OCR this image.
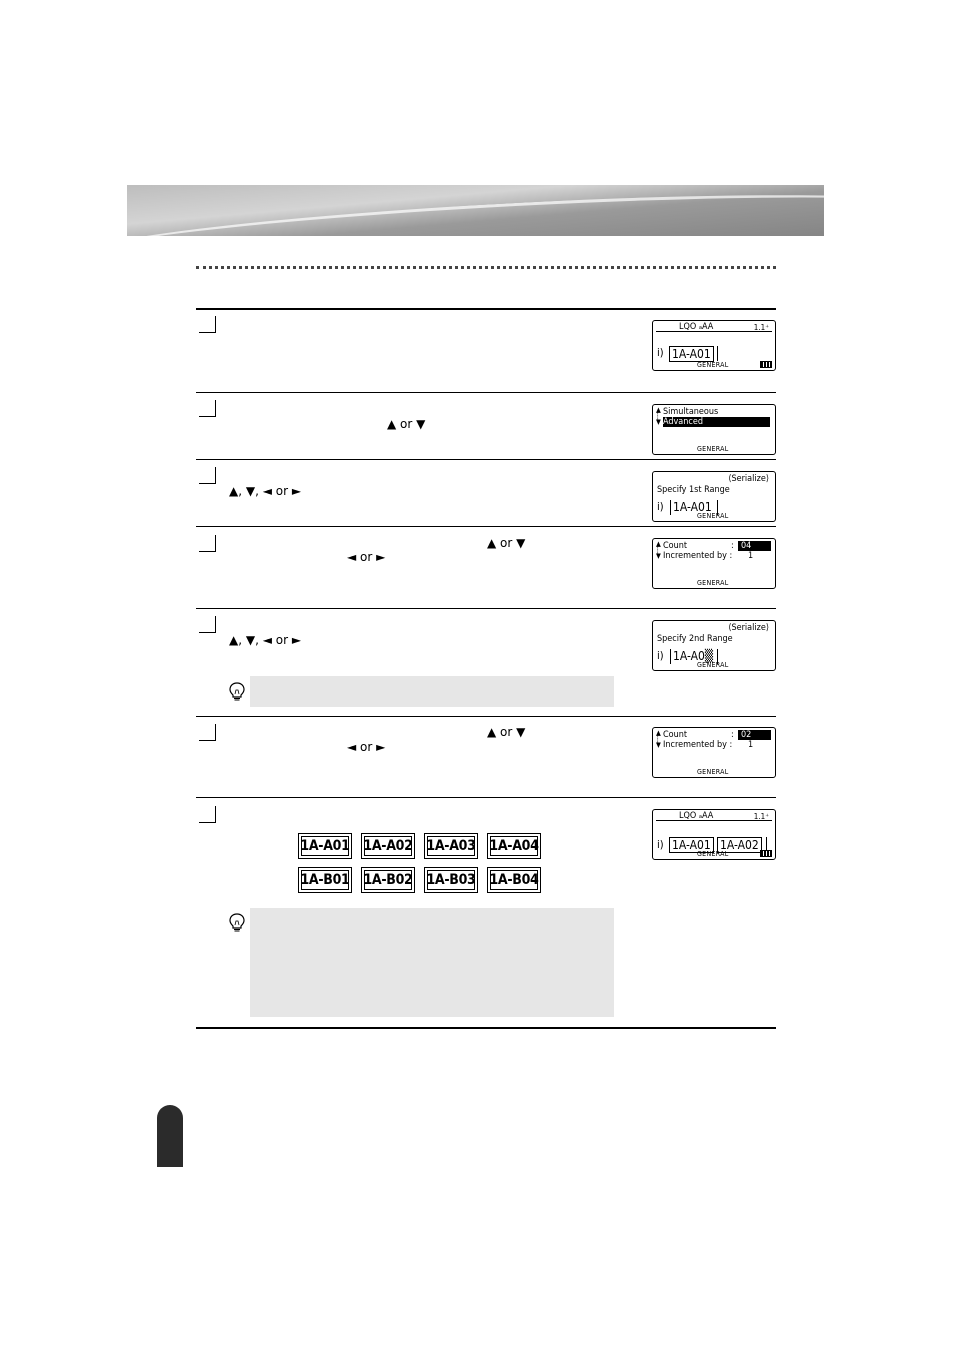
▲ or ▼
▲, ▼, ◄ or ►
▲ or ▼
◄ or ►
▲, ▼, ◄ or ►
▲ or ▼
◄ or ►
LQO ₐAA	1.1⁺
i) 1A-A01
GENERAL
▲
┆
▼
Simultaneous
Advanced
GENERAL
⟨Serialize⟩
Specify 1st Range
i) 1A-A01
GENERAL
▲
┆
▼
Count	: 04
Incremented by : 1
GENERAL
⟨Serialize⟩
Specify 2nd Range
i) 1A-A0▒
GENERAL
▲
┆
▼
Count	: 02
Incremented by : 1
GENERAL
LQO ₐAA	1.1⁺
i) 1A-A01 1A-A02
GENERAL
1A-A01 1A-A02 1A-A03 1A-A04
1A-B01 1A-B02 1A-B03 1A-B04
